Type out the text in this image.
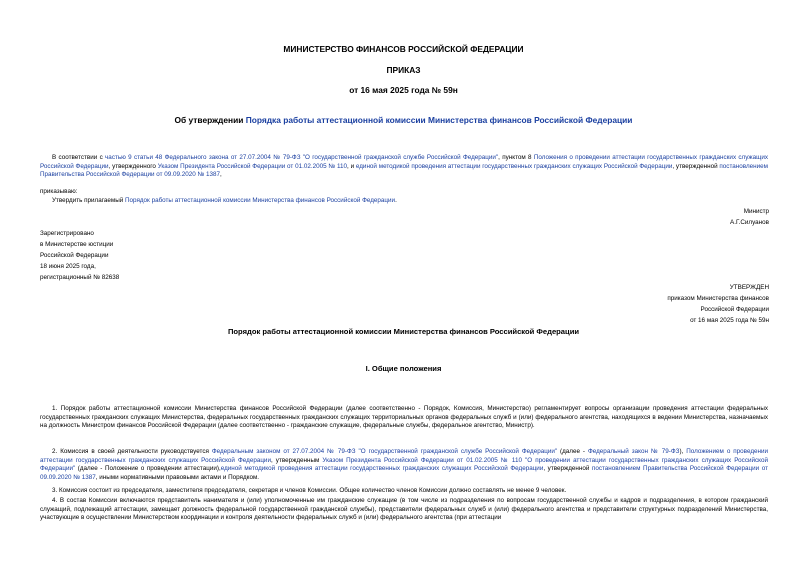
МИНИСТЕРСТВО ФИНАНСОВ РОССИЙСКОЙ ФЕДЕРАЦИИ
ПРИКАЗ
от 16 мая 2025 года № 59н
Об утверждении Порядка работы аттестационной комиссии Министерства финансов Российской Федерации
В соответствии с частью 9 статьи 48 Федерального закона от 27.07.2004 № 79-ФЗ "О государственной гражданской службе Российской Федерации", пунктом 8 Положения о проведении аттестации государственных гражданских служащих Российской Федерации, утвержденного Указом Президента Российской Федерации от 01.02.2005 № 110, и единой методикой проведения аттестации государственных гражданских служащих Российской Федерации, утвержденной постановлением Правительства Российской Федерации от 09.09.2020 № 1387,
приказываю:
Утвердить прилагаемый Порядок работы аттестационной комиссии Министерства финансов Российской Федерации.
Министр
А.Г.Силуанов
Зарегистрировано
в Министерстве юстиции
Российской Федерации
18 июня 2025 года,
регистрационный № 82638
УТВЕРЖДЕН
приказом Министерства финансов
Российской Федерации
от 16 мая 2025 года № 59н
Порядок работы аттестационной комиссии Министерства финансов Российской Федерации
I. Общие положения
1. Порядок работы аттестационной комиссии Министерства финансов Российской Федерации (далее соответственно - Порядок, Комиссия, Министерство) регламентирует вопросы организации проведения аттестации федеральных государственных гражданских служащих Министерства, федеральных государственных гражданских служащих территориальных органов федеральных служб и (или) федерального агентства, находящихся в ведении Министерства, назначаемых на должность Министром финансов Российской Федерации (далее соответственно - гражданские служащие, федеральные службы, федеральное агентство, Министр).
2. Комиссия в своей деятельности руководствуется Федеральным законом от 27.07.2004 № 79-ФЗ "О государственной гражданской службе Российской Федерации" (далее - Федеральный закон № 79-ФЗ), Положением о проведении аттестации государственных гражданских служащих Российской Федерации, утвержденным Указом Президента Российской Федерации от 01.02.2005 № 110 "О проведении аттестации государственных гражданских служащих Российской Федерации" (далее - Положение о проведении аттестации),единой методикой проведения аттестации государственных гражданских служащих Российской Федерации, утвержденной постановлением Правительства Российской Федерации от 09.09.2020 № 1387, иными нормативными правовыми актами и Порядком.
3. Комиссия состоит из председателя, заместителя председателя, секретаря и членов Комиссии. Общее количество членов Комиссии должно составлять не менее 9 человек.
4. В состав Комиссии включаются представитель нанимателя и (или) уполномоченные им гражданские служащие (в том числе из подразделения по вопросам государственной службы и кадров и подразделения, в котором гражданский служащий, подлежащий аттестации, замещает должность федеральной государственной гражданской службы), представители федеральных служб и (или) федерального агентства и представители структурных подразделений Министерства, участвующие в осуществлении Министерством координации и контроля деятельности федеральных служб и (или) федерального агентства (при аттестации
